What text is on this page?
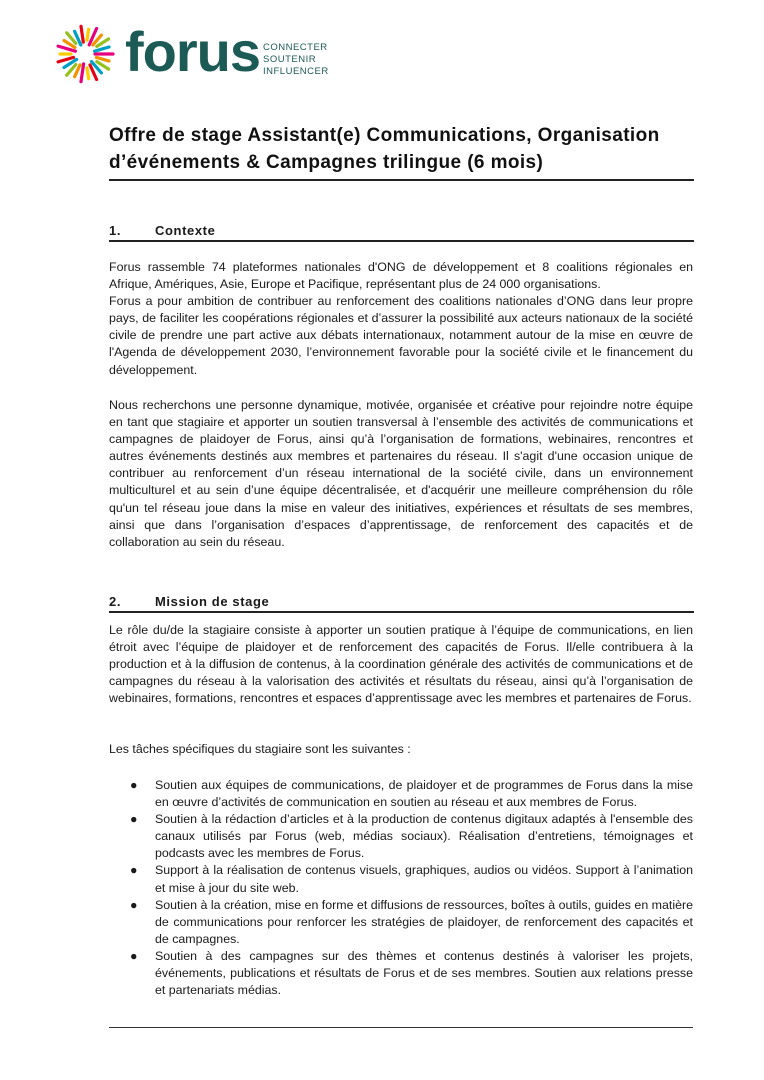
forus CONNECTER
SOUTENIR
INFLUENCER
Offre de stage Assistant(e) Communications, Organisation d’événements & Campagnes trilingue (6 mois)
1.	Contexte
Forus rassemble 74 plateformes nationales d'ONG de développement et 8 coalitions régionales en Afrique, Amériques, Asie, Europe et Pacifique, représentant plus de 24 000 organisations.
Forus a pour ambition de contribuer au renforcement des coalitions nationales d’ONG dans leur propre pays, de faciliter les coopérations régionales et d’assurer la possibilité aux acteurs nationaux de la société civile de prendre une part active aux débats internationaux, notamment autour de la mise en œuvre de l'Agenda de développement 2030, l’environnement favorable pour la société civile et le financement du développement.
Nous recherchons une personne dynamique, motivée, organisée et créative pour rejoindre notre équipe en tant que stagiaire et apporter un soutien transversal à l’ensemble des activités de communications et campagnes de plaidoyer de Forus, ainsi qu’à l’organisation de formations, webinaires, rencontres et autres événements destinés aux membres et partenaires du réseau. Il s'agit d'une occasion unique de contribuer au renforcement d’un réseau international de la société civile, dans un environnement multiculturel et au sein d’une équipe décentralisée, et d'acquérir une meilleure compréhension du rôle qu'un tel réseau joue dans la mise en valeur des initiatives, expériences et résultats de ses membres, ainsi que dans l’organisation d’espaces d’apprentissage, de renforcement des capacités et de collaboration au sein du réseau.
2.	Mission de stage
Le rôle du/de la stagiaire consiste à apporter un soutien pratique à l’équipe de communications, en lien étroit avec l’équipe de plaidoyer et de renforcement des capacités de Forus. Il/elle contribuera à la production et à la diffusion de contenus, à la coordination générale des activités de communications et de campagnes du réseau à la valorisation des activités et résultats du réseau, ainsi qu’à l’organisation de webinaires, formations, rencontres et espaces d’apprentissage avec les membres et partenaires de Forus.
Les tâches spécifiques du stagiaire sont les suivantes :
● Soutien aux équipes de communications, de plaidoyer et de programmes de Forus dans la mise en œuvre d’activités de communication en soutien au réseau et aux membres de Forus.
● Soutien à la rédaction d’articles et à la production de contenus digitaux adaptés à l'ensemble des canaux utilisés par Forus (web, médias sociaux). Réalisation d’entretiens, témoignages et podcasts avec les membres de Forus.
● Support à la réalisation de contenus visuels, graphiques, audios ou vidéos. Support à l’animation et mise à jour du site web.
● Soutien à la création, mise en forme et diffusions de ressources, boîtes à outils, guides en matière de communications pour renforcer les stratégies de plaidoyer, de renforcement des capacités et de campagnes.
● Soutien à des campagnes sur des thèmes et contenus destinés à valoriser les projets, événements, publications et résultats de Forus et de ses membres. Soutien aux relations presse et partenariats médias.
